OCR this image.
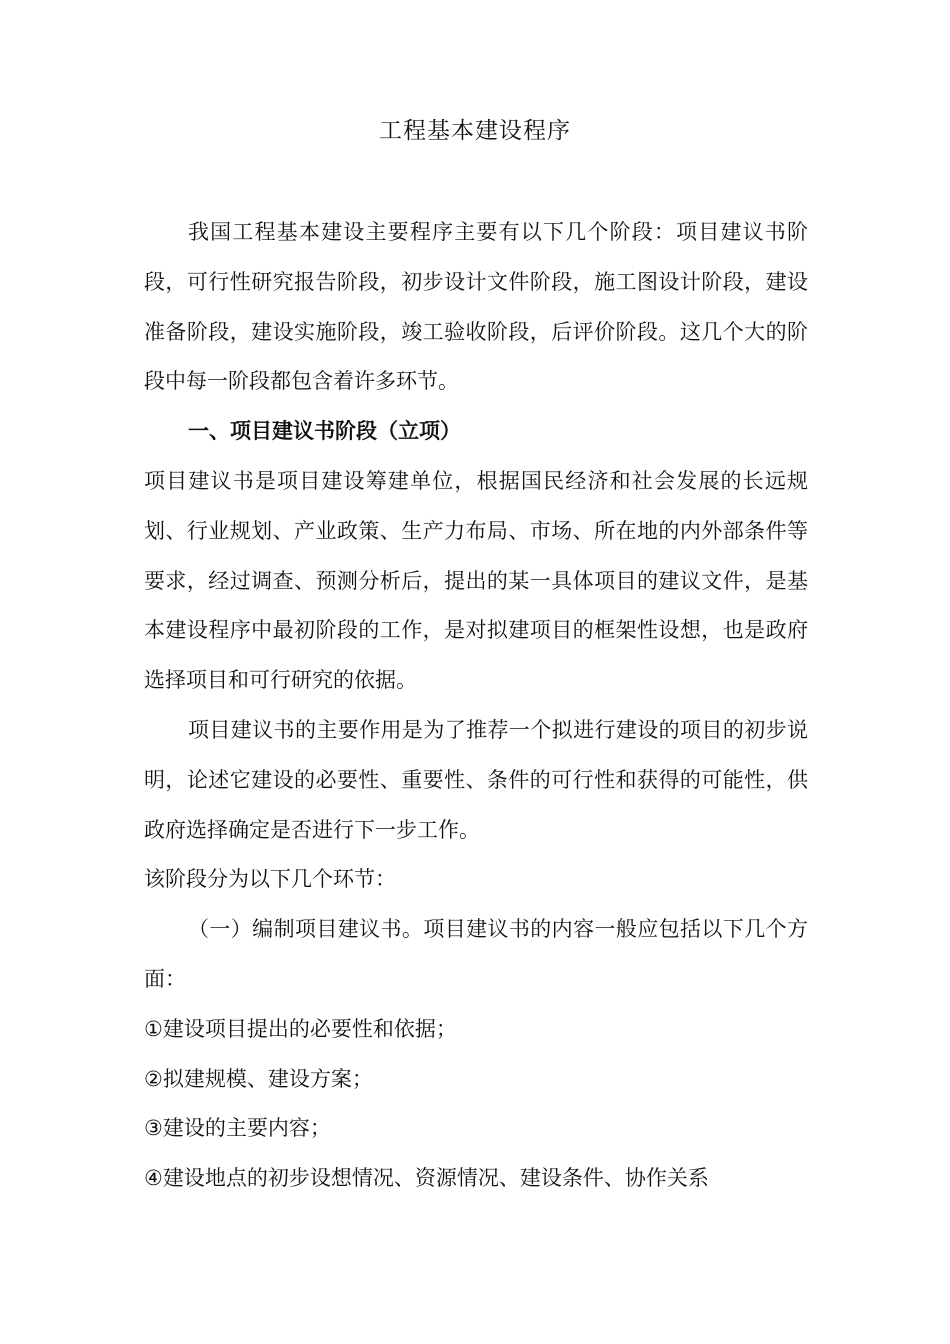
工程基本建设程序

我国工程基本建设主要程序主要有以下几个阶段：项目建议书阶段，可行性研究报告阶段，初步设计文件阶段，施工图设计阶段，建设准备阶段，建设实施阶段，竣工验收阶段，后评价阶段。这几个大的阶段中每一阶段都包含着许多环节。

一、项目建议书阶段（立项）

项目建议书是项目建设筹建单位，根据国民经济和社会发展的长远规划、行业规划、产业政策、生产力布局、市场、所在地的内外部条件等要求，经过调查、预测分析后，提出的某一具体项目的建议文件，是基本建设程序中最初阶段的工作，是对拟建项目的框架性设想，也是政府选择项目和可行研究的依据。

项目建议书的主要作用是为了推荐一个拟进行建设的项目的初步说明，论述它建设的必要性、重要性、条件的可行性和获得的可能性，供政府选择确定是否进行下一步工作。

该阶段分为以下几个环节：

（一）编制项目建议书。项目建议书的内容一般应包括以下几个方面：

①建设项目提出的必要性和依据；

②拟建规模、建设方案；

③建设的主要内容；

④建设地点的初步设想情况、资源情况、建设条件、协作关系
